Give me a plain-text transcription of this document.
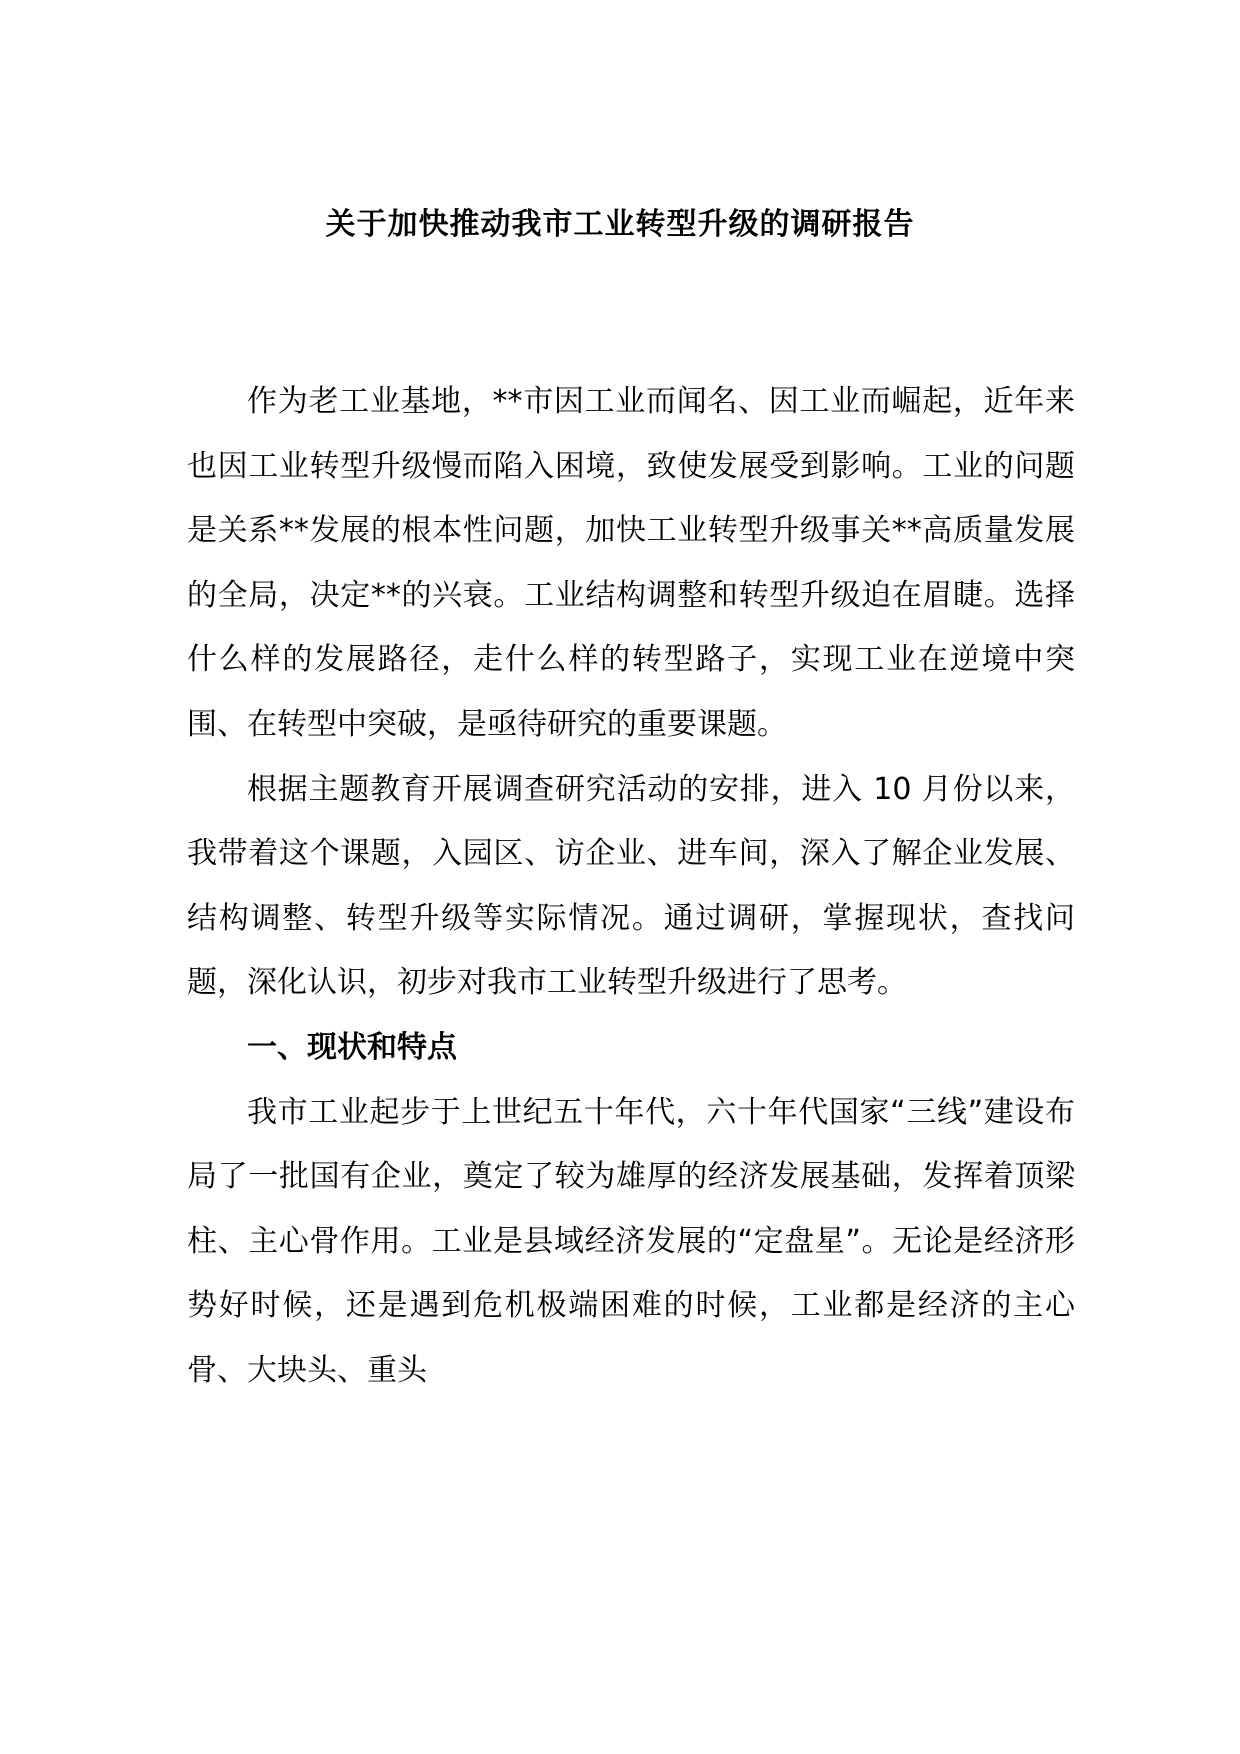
关于加快推动我市工业转型升级的调研报告

作为老工业基地，**市因工业而闻名、因工业而崛起，近年来也因工业转型升级慢而陷入困境，致使发展受到影响。工业的问题是关系**发展的根本性问题，加快工业转型升级事关**高质量发展的全局，决定**的兴衰。工业结构调整和转型升级迫在眉睫。选择什么样的发展路径，走什么样的转型路子，实现工业在逆境中突围、在转型中突破，是亟待研究的重要课题。

根据主题教育开展调查研究活动的安排，进入 10 月份以来，我带着这个课题，入园区、访企业、进车间，深入了解企业发展、结构调整、转型升级等实际情况。通过调研，掌握现状，查找问题，深化认识，初步对我市工业转型升级进行了思考。

一、现状和特点

我市工业起步于上世纪五十年代，六十年代国家“三线”建设布局了一批国有企业，奠定了较为雄厚的经济发展基础，发挥着顶梁柱、主心骨作用。工业是县域经济发展的“定盘星”。无论是经济形势好时候，还是遇到危机极端困难的时候，工业都是经济的主心骨、大块头、重头
